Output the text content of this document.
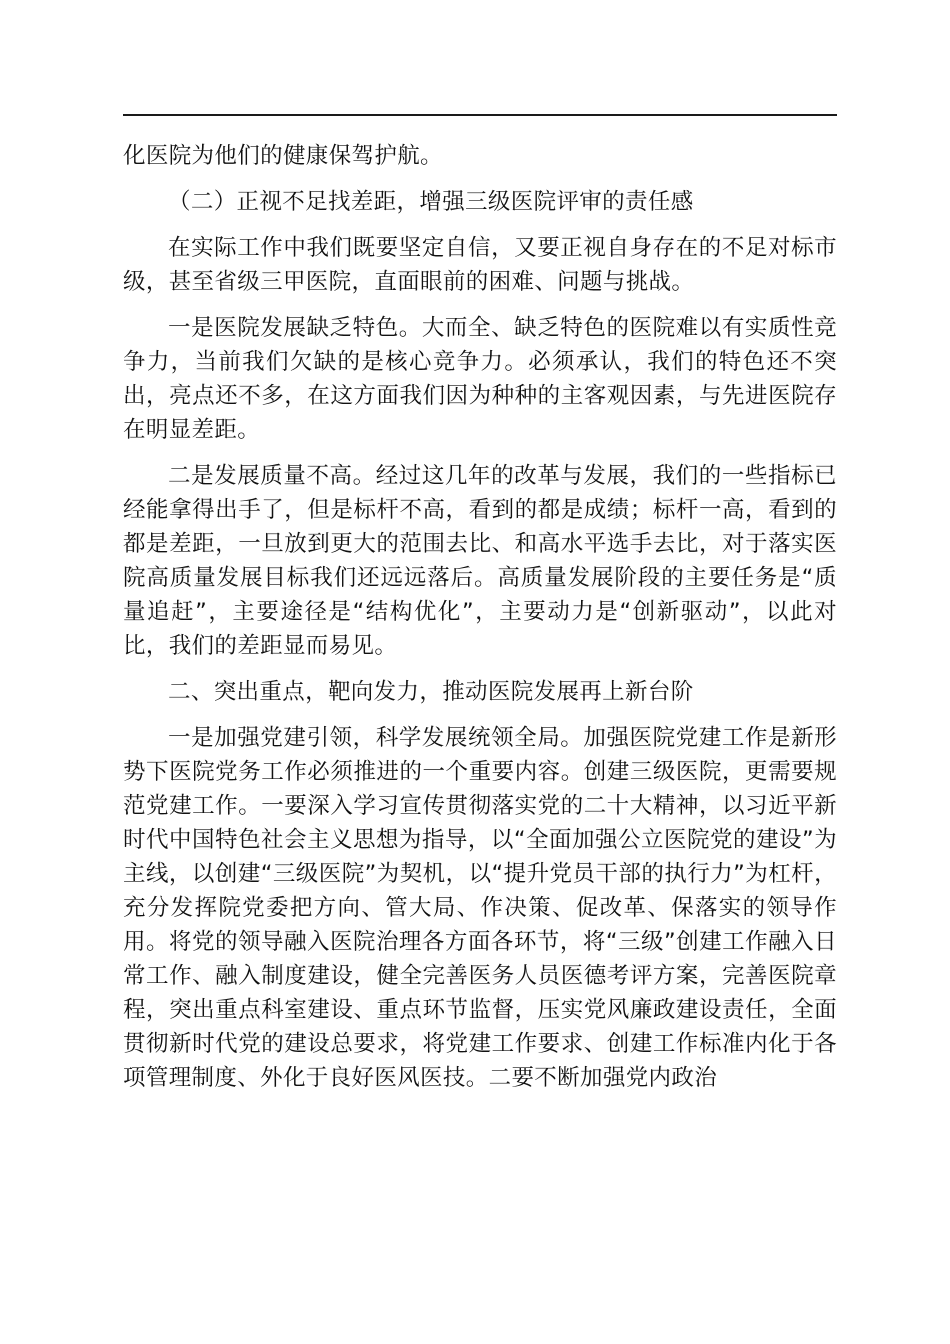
化医院为他们的健康保驾护航。

（二）正视不足找差距，增强三级医院评审的责任感

在实际工作中我们既要坚定自信，又要正视自身存在的不足对标市级，甚至省级三甲医院，直面眼前的困难、问题与挑战。

一是医院发展缺乏特色。大而全、缺乏特色的医院难以有实质性竞争力，当前我们欠缺的是核心竞争力。必须承认，我们的特色还不突出，亮点还不多，在这方面我们因为种种的主客观因素，与先进医院存在明显差距。

二是发展质量不高。经过这几年的改革与发展，我们的一些指标已经能拿得出手了，但是标杆不高，看到的都是成绩；标杆一高，看到的都是差距，一旦放到更大的范围去比、和高水平选手去比，对于落实医院高质量发展目标我们还远远落后。高质量发展阶段的主要任务是“质量追赶”，主要途径是“结构优化”，主要动力是“创新驱动”，以此对比，我们的差距显而易见。

二、突出重点，靶向发力，推动医院发展再上新台阶

一是加强党建引领，科学发展统领全局。加强医院党建工作是新形势下医院党务工作必须推进的一个重要内容。创建三级医院，更需要规范党建工作。一要深入学习宣传贯彻落实党的二十大精神，以习近平新时代中国特色社会主义思想为指导，以“全面加强公立医院党的建设”为主线，以创建“三级医院”为契机，以“提升党员干部的执行力”为杠杆，充分发挥院党委把方向、管大局、作决策、促改革、保落实的领导作用。将党的领导融入医院治理各方面各环节，将“三级”创建工作融入日常工作、融入制度建设，健全完善医务人员医德考评方案，完善医院章程，突出重点科室建设、重点环节监督，压实党风廉政建设责任，全面贯彻新时代党的建设总要求，将党建工作要求、创建工作标准内化于各项管理制度、外化于良好医风医技。二要不断加强党内政治
